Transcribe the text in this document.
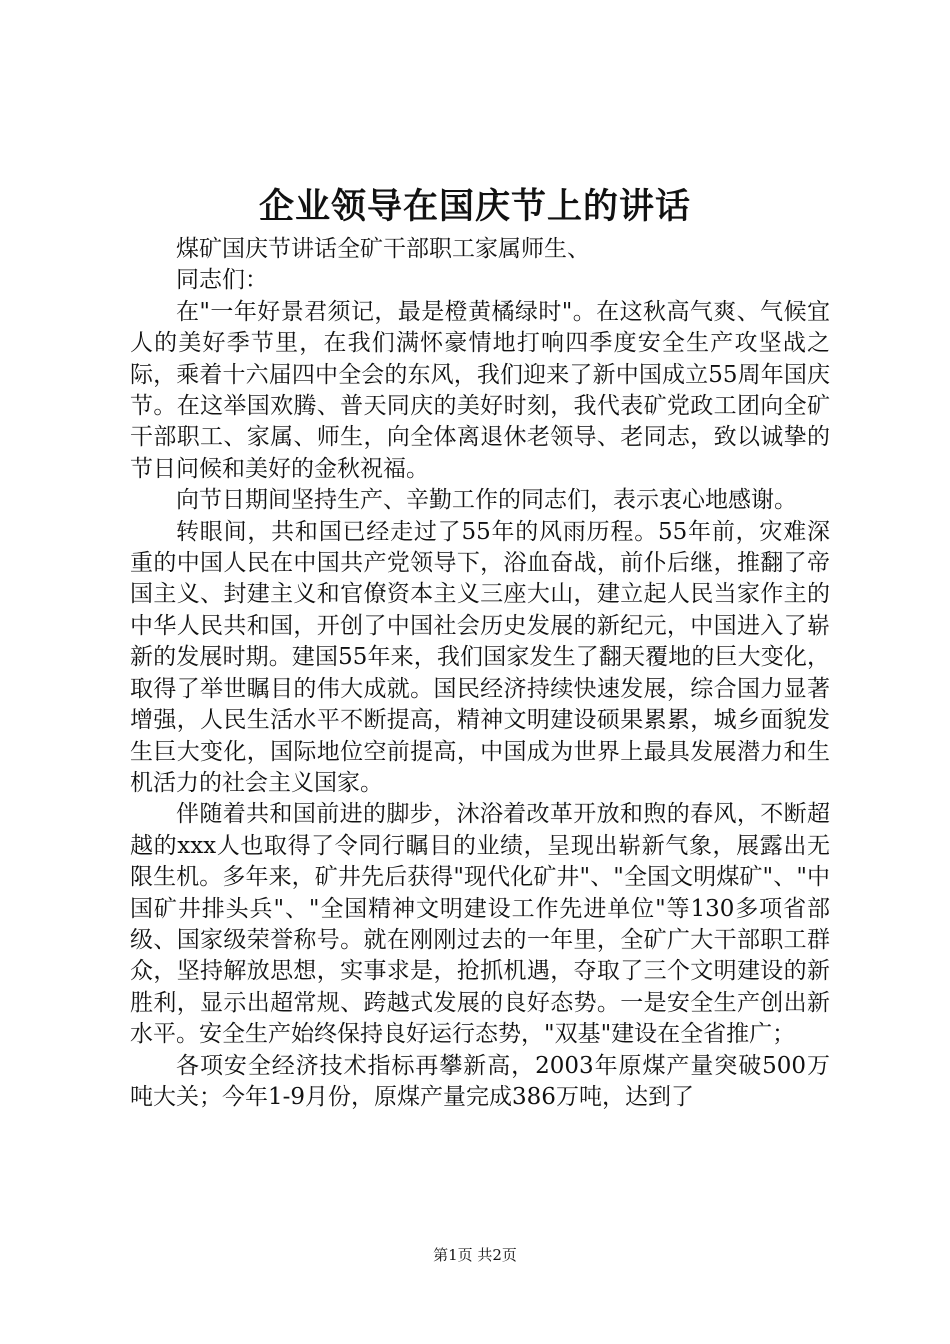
企业领导在国庆节上的讲话

煤矿国庆节讲话全矿干部职工家属师生、

同志们：

在"一年好景君须记，最是橙黄橘绿时"。在这秋高气爽、气候宜人的美好季节里，在我们满怀豪情地打响四季度安全生产攻坚战之际，乘着十六届四中全会的东风，我们迎来了新中国成立55周年国庆节。在这举国欢腾、普天同庆的美好时刻，我代表矿党政工团向全矿干部职工、家属、师生，向全体离退休老领导、老同志，致以诚挚的节日问候和美好的金秋祝福。

向节日期间坚持生产、辛勤工作的同志们，表示衷心地感谢。

转眼间，共和国已经走过了55年的风雨历程。55年前，灾难深重的中国人民在中国共产党领导下，浴血奋战，前仆后继，推翻了帝国主义、封建主义和官僚资本主义三座大山，建立起人民当家作主的中华人民共和国，开创了中国社会历史发展的新纪元，中国进入了崭新的发展时期。建国55年来，我们国家发生了翻天覆地的巨大变化，取得了举世瞩目的伟大成就。国民经济持续快速发展，综合国力显著增强，人民生活水平不断提高，精神文明建设硕果累累，城乡面貌发生巨大变化，国际地位空前提高，中国成为世界上最具发展潜力和生机活力的社会主义国家。

伴随着共和国前进的脚步，沐浴着改革开放和煦的春风，不断超越的xxx人也取得了令同行瞩目的业绩，呈现出崭新气象，展露出无限生机。多年来，矿井先后获得"现代化矿井"、"全国文明煤矿"、"中国矿井排头兵"、"全国精神文明建设工作先进单位"等130多项省部级、国家级荣誉称号。就在刚刚过去的一年里，全矿广大干部职工群众，坚持解放思想，实事求是，抢抓机遇，夺取了三个文明建设的新胜利，显示出超常规、跨越式发展的良好态势。一是安全生产创出新水平。安全生产始终保持良好运行态势，"双基"建设在全省推广；

各项安全经济技术指标再攀新高，2003年原煤产量突破500万吨大关；今年1-9月份，原煤产量完成386万吨，达到了

第1页 共2页
